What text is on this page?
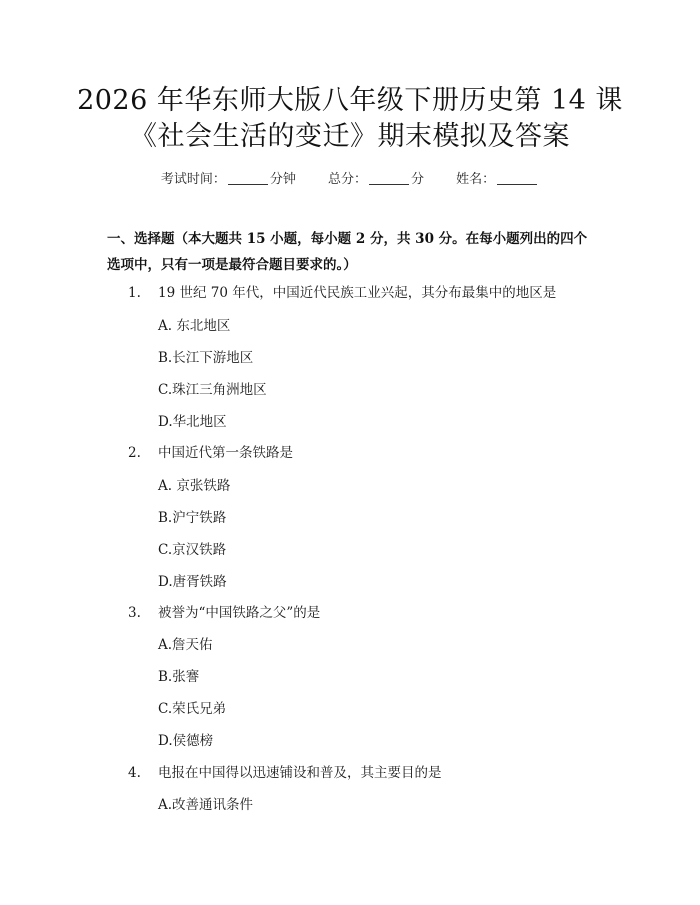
2026 年华东师大版八年级下册历史第 14 课
《社会生活的变迁》期末模拟及答案
考试时间：	分钟 总分：	分 姓名：
一、选择题（本大题共 15 小题，每小题 2 分，共 30 分。在每小题列出的四个选项中，只有一项是最符合题目要求的。）
1. 19 世纪 70 年代，中国近代民族工业兴起，其分布最集中的地区是
A. 东北地区
B.长江下游地区
C.珠江三角洲地区
D.华北地区
2. 中国近代第一条铁路是
A. 京张铁路
B.沪宁铁路
C.京汉铁路
D.唐胥铁路
3. 被誉为“中国铁路之父”的是
A.詹天佑
B.张謇
C.荣氏兄弟
D.侯德榜
4. 电报在中国得以迅速铺设和普及，其主要目的是
A.改善通讯条件
